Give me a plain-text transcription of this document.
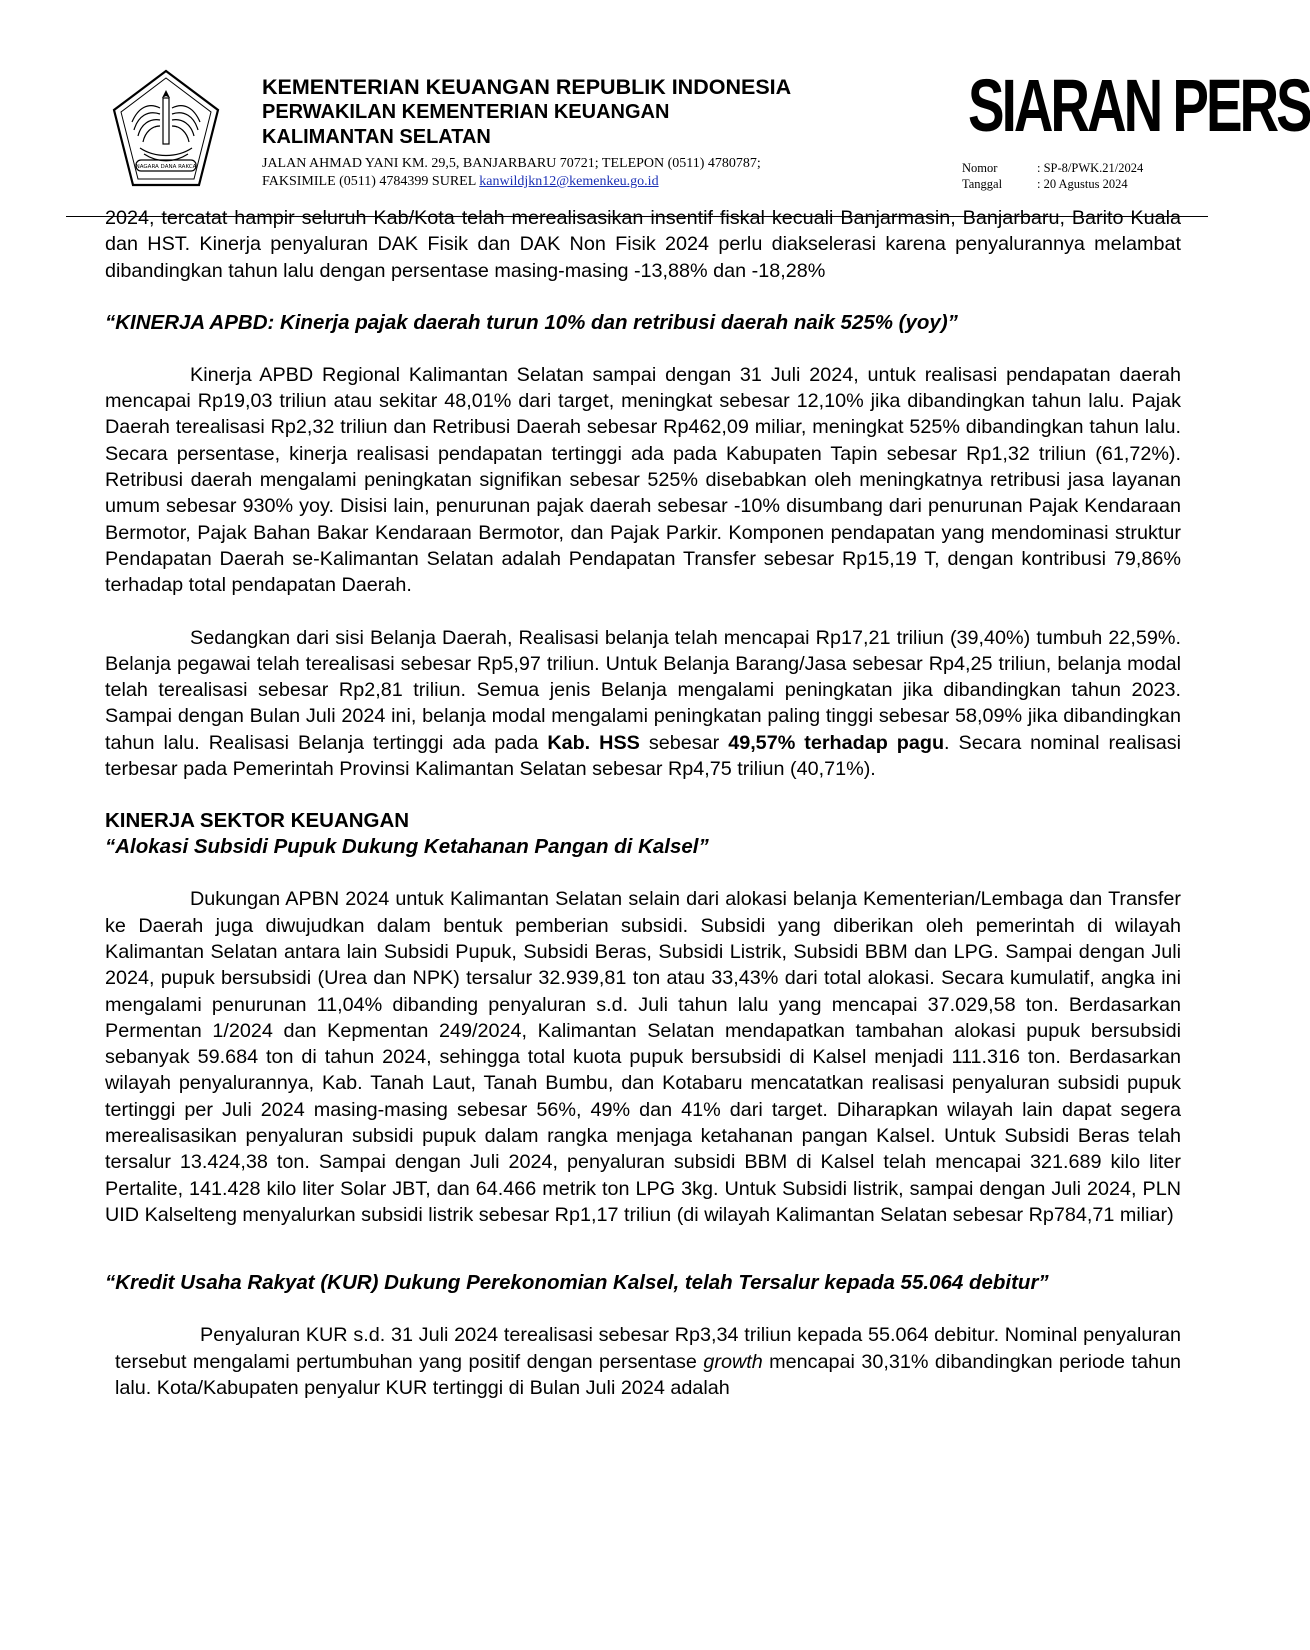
NAGARA DANA RAKCA
KEMENTERIAN KEUANGAN REPUBLIK INDONESIA
PERWAKILAN KEMENTERIAN KEUANGAN
KALIMANTAN SELATAN
JALAN AHMAD YANI KM. 29,5, BANJARBARU 70721; TELEPON (0511) 4780787;
FAKSIMILE (0511) 4784399 SUREL kanwildjkn12@kemenkeu.go.id
SIARAN PERS
Nomor	: SP-8/PWK.21/2024
Tanggal	: 20 Agustus 2024

2024, tercatat hampir seluruh Kab/Kota telah merealisasikan insentif fiskal kecuali Banjarmasin, Banjarbaru, Barito Kuala dan HST. Kinerja penyaluran DAK Fisik dan DAK Non Fisik 2024 perlu diakselerasi karena penyalurannya melambat dibandingkan tahun lalu dengan persentase masing-masing -13,88% dan -18,28%

“KINERJA APBD: Kinerja pajak daerah turun 10% dan retribusi daerah naik 525% (yoy)”

Kinerja APBD Regional Kalimantan Selatan sampai dengan 31 Juli 2024, untuk realisasi pendapatan daerah mencapai Rp19,03 triliun atau sekitar 48,01% dari target, meningkat sebesar 12,10% jika dibandingkan tahun lalu. Pajak Daerah terealisasi Rp2,32 triliun dan Retribusi Daerah sebesar Rp462,09 miliar, meningkat 525% dibandingkan tahun lalu. Secara persentase, kinerja realisasi pendapatan tertinggi ada pada Kabupaten Tapin sebesar Rp1,32 triliun (61,72%). Retribusi daerah mengalami peningkatan signifikan sebesar 525% disebabkan oleh meningkatnya retribusi jasa layanan umum sebesar 930% yoy. Disisi lain, penurunan pajak daerah sebesar -10% disumbang dari penurunan Pajak Kendaraan Bermotor, Pajak Bahan Bakar Kendaraan Bermotor, dan Pajak Parkir. Komponen pendapatan yang mendominasi struktur Pendapatan Daerah se-Kalimantan Selatan adalah Pendapatan Transfer sebesar Rp15,19 T, dengan kontribusi 79,86% terhadap total pendapatan Daerah.

Sedangkan dari sisi Belanja Daerah, Realisasi belanja telah mencapai Rp17,21 triliun (39,40%) tumbuh 22,59%. Belanja pegawai telah terealisasi sebesar Rp5,97 triliun. Untuk Belanja Barang/Jasa sebesar Rp4,25 triliun, belanja modal telah terealisasi sebesar Rp2,81 triliun. Semua jenis Belanja mengalami peningkatan jika dibandingkan tahun 2023. Sampai dengan Bulan Juli 2024 ini, belanja modal mengalami peningkatan paling tinggi sebesar 58,09% jika dibandingkan tahun lalu. Realisasi Belanja tertinggi ada pada Kab. HSS sebesar 49,57% terhadap pagu. Secara nominal realisasi terbesar pada Pemerintah Provinsi Kalimantan Selatan sebesar Rp4,75 triliun (40,71%).

KINERJA SEKTOR KEUANGAN
“Alokasi Subsidi Pupuk Dukung Ketahanan Pangan di Kalsel”

Dukungan APBN 2024 untuk Kalimantan Selatan selain dari alokasi belanja Kementerian/Lembaga dan Transfer ke Daerah juga diwujudkan dalam bentuk pemberian subsidi. Subsidi yang diberikan oleh pemerintah di wilayah Kalimantan Selatan antara lain Subsidi Pupuk, Subsidi Beras, Subsidi Listrik, Subsidi BBM dan LPG. Sampai dengan Juli 2024, pupuk bersubsidi (Urea dan NPK) tersalur 32.939,81 ton atau 33,43% dari total alokasi. Secara kumulatif, angka ini mengalami penurunan 11,04% dibanding penyaluran s.d. Juli tahun lalu yang mencapai 37.029,58 ton. Berdasarkan Permentan 1/2024 dan Kepmentan 249/2024, Kalimantan Selatan mendapatkan tambahan alokasi pupuk bersubsidi sebanyak 59.684 ton di tahun 2024, sehingga total kuota pupuk bersubsidi di Kalsel menjadi 111.316 ton. Berdasarkan wilayah penyalurannya, Kab. Tanah Laut, Tanah Bumbu, dan Kotabaru mencatatkan realisasi penyaluran subsidi pupuk tertinggi per Juli 2024 masing-masing sebesar 56%, 49% dan 41% dari target. Diharapkan wilayah lain dapat segera merealisasikan penyaluran subsidi pupuk dalam rangka menjaga ketahanan pangan Kalsel. Untuk Subsidi Beras telah tersalur 13.424,38 ton. Sampai dengan Juli 2024, penyaluran subsidi BBM di Kalsel telah mencapai 321.689 kilo liter Pertalite, 141.428 kilo liter Solar JBT, dan 64.466 metrik ton LPG 3kg. Untuk Subsidi listrik, sampai dengan Juli 2024, PLN UID Kalselteng menyalurkan subsidi listrik sebesar Rp1,17 triliun (di wilayah Kalimantan Selatan sebesar Rp784,71 miliar)

“Kredit Usaha Rakyat (KUR) Dukung Perekonomian Kalsel, telah Tersalur kepada 55.064 debitur”

Penyaluran KUR s.d. 31 Juli 2024 terealisasi sebesar Rp3,34 triliun kepada 55.064 debitur. Nominal penyaluran tersebut mengalami pertumbuhan yang positif dengan persentase growth mencapai 30,31% dibandingkan periode tahun lalu. Kota/Kabupaten penyalur KUR tertinggi di Bulan Juli 2024 adalah
